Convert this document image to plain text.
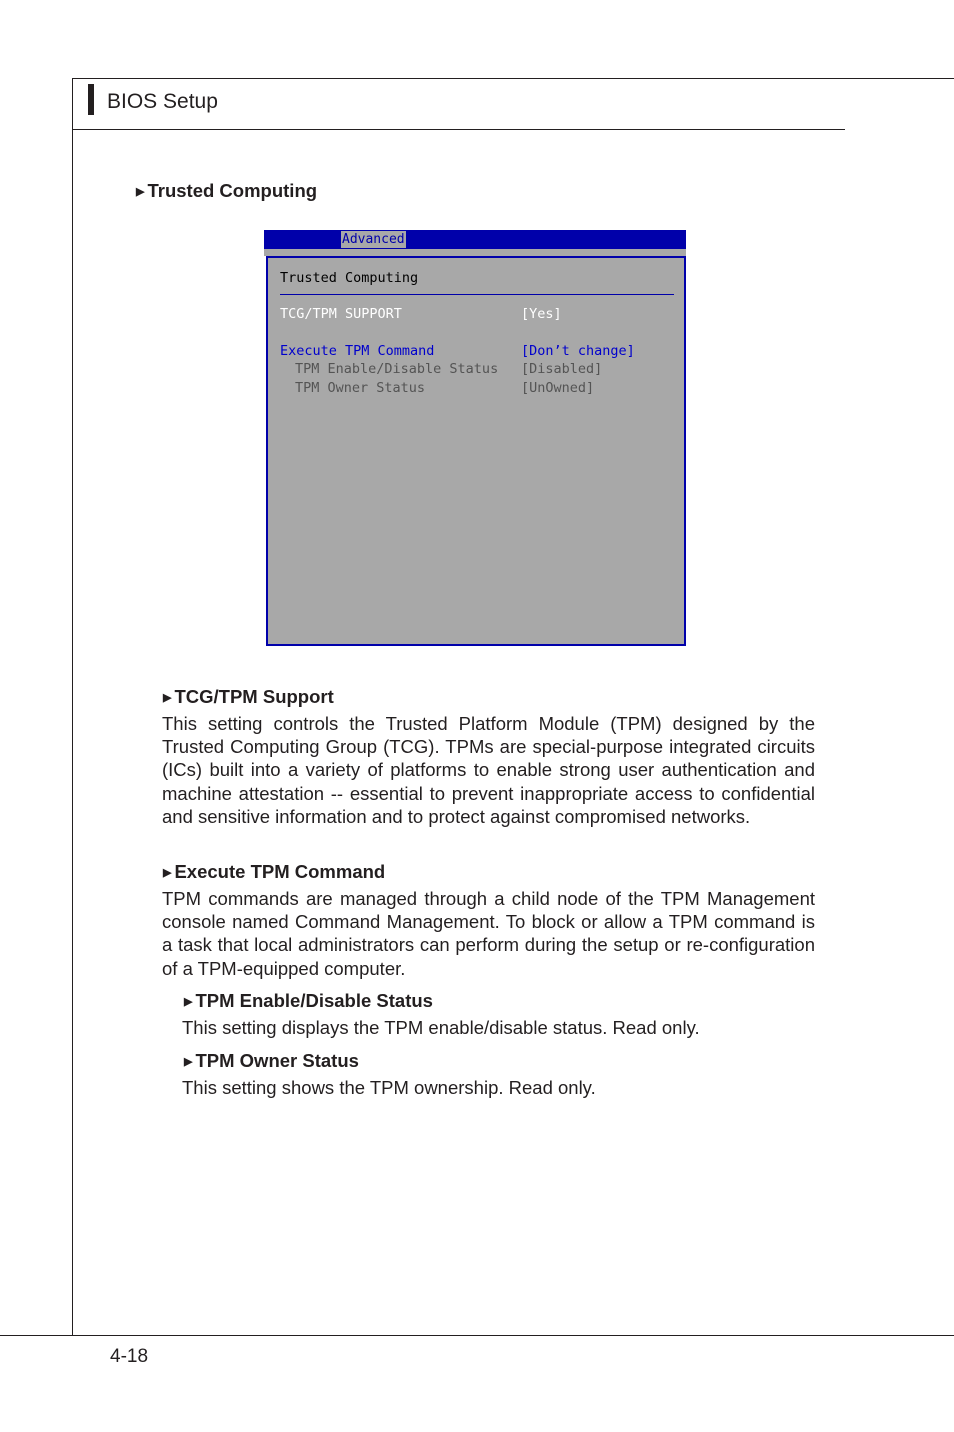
BIOS Setup
4-18
▶ Trusted Computing
Advanced
Trusted Computing
TCG/TPM SUPPORT	[Yes]
Execute TPM Command	[Don’t change]
TPM Enable/Disable Status [Disabled]
TPM Owner Status	[UnOwned]
▶ TCG/TPM Support
This setting controls the Trusted Platform Module (TPM) designed by the Trusted Computing Group (TCG). TPMs are special-purpose integrated circuits (ICs) built into a variety of platforms to enable strong user authentication and machine attestation -- essential to prevent inappropriate access to confidential and sensitive information and to protect against compromised networks.
▶ Execute TPM Command
TPM commands are managed through a child node of the TPM Management console named Command Management. To block or allow a TPM command is a task that local administrators can perform during the setup or re-configuration of a TPM-equipped computer.
▶ TPM Enable/Disable Status
This setting displays the TPM enable/disable status. Read only.
▶ TPM Owner Status
This setting shows the TPM ownership. Read only.
